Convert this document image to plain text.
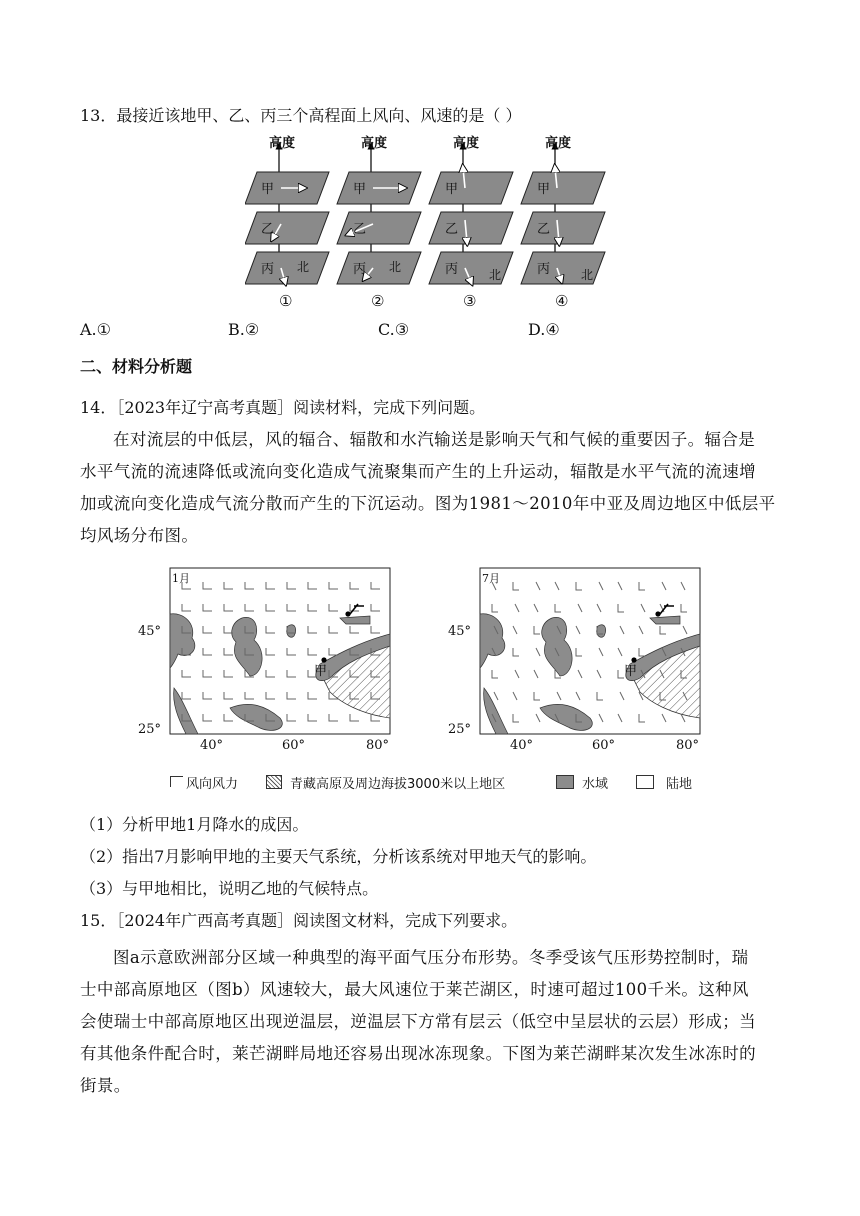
13．最接近该地甲、乙、丙三个高程面上风向、风速的是（ ）
甲
乙
丙 北
高度
①
甲
乙
丙 北
高度
②
甲
乙
丙	北
高度
③
甲
乙
丙	北
高度
④
A.①	B.②	C.③	D.④
二、材料分析题
14．［2023年辽宁高考真题］阅读材料，完成下列问题。
在对流层的中低层，风的辐合、辐散和水汽输送是影响天气和气候的重要因子。辐合是
水平气流的流速降低或流向变化造成气流聚集而产生的上升运动，辐散是水平气流的流速增
加或流向变化造成气流分散而产生的下沉运动。图为1981～2010年中亚及周边地区中低层平
均风场分布图。
1月
甲
45°
25°
40°	60°	80°
7月
甲
45°
25°
40°	60°	80°
风向风力	青藏高原及周边海拔3000米以上地区	水域	陆地
（1）分析甲地1月降水的成因。
（2）指出7月影响甲地的主要天气系统，分析该系统对甲地天气的影响。
（3）与甲地相比，说明乙地的气候特点。
15．［2024年广西高考真题］阅读图文材料，完成下列要求。
图a示意欧洲部分区域一种典型的海平面气压分布形势。冬季受该气压形势控制时，瑞
士中部高原地区（图b）风速较大，最大风速位于莱芒湖区，时速可超过100千米。这种风
会使瑞士中部高原地区出现逆温层，逆温层下方常有层云（低空中呈层状的云层）形成；当
有其他条件配合时，莱芒湖畔局地还容易出现冰冻现象。下图为莱芒湖畔某次发生冰冻时的
街景。
